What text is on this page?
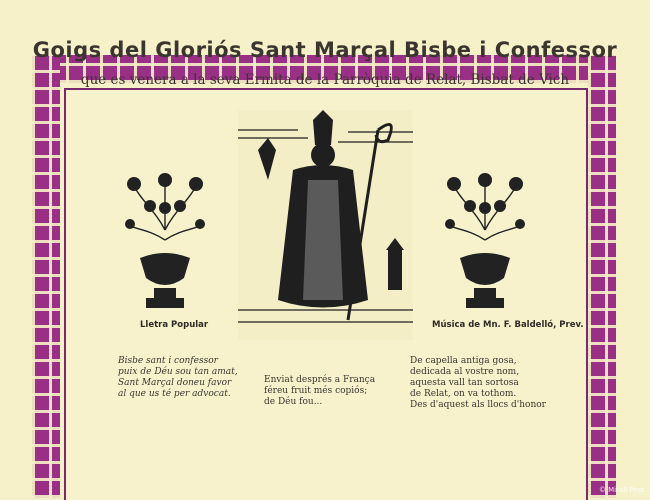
Goigs del Gloriós Sant Marçal Bisbe i Confessor
que es venera a la seva Ermita de la Parròquia de Relat, Bisbat de Vich
Lletra Popular	Música de Mn. F. Baldelló, Prev.
Bisbe sant i confessor
puix de Déu sou tan amat,
Sant Marçal doneu favor
al que us té per advocat.
Enviat després a França
féreu fruit més copiós;
de Déu fou...
De capella antiga gosa,
dedicada al vostre nom,
aquesta vall tan sortosa
de Relat, on va tothom.
Des d'aquest als llocs d'honor
© Mirall Post
